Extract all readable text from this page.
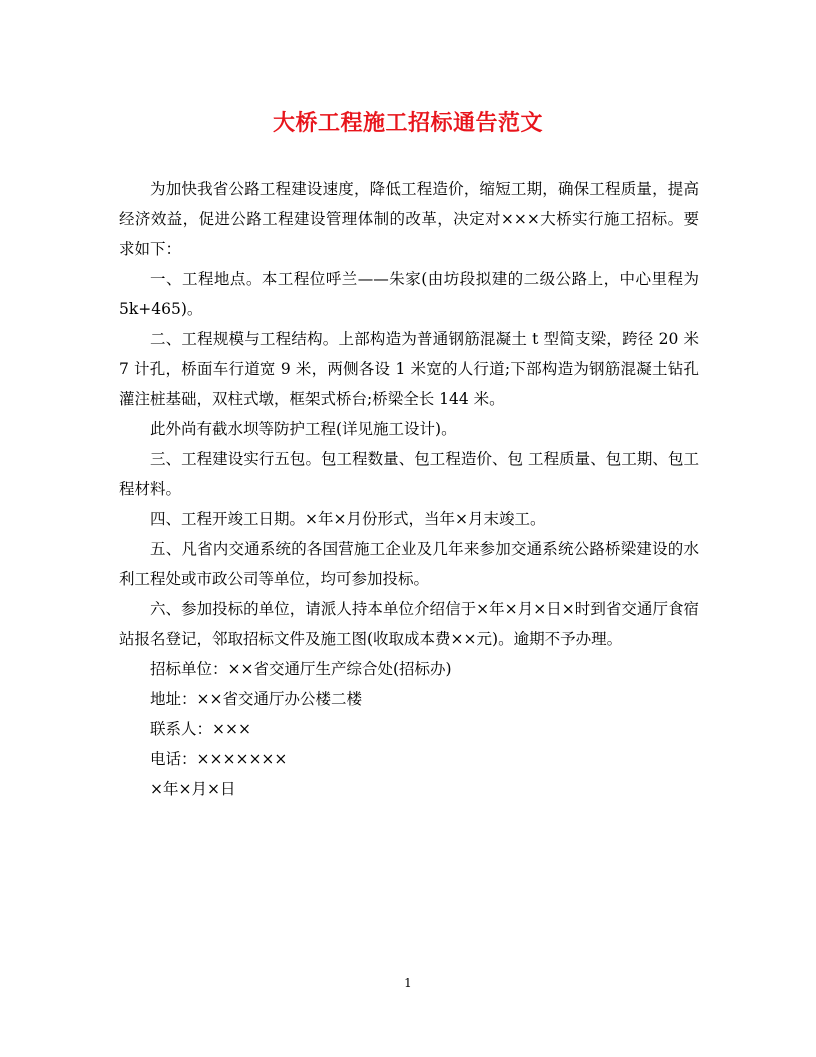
大桥工程施工招标通告范文

为加快我省公路工程建设速度，降低工程造价，缩短工期，确保工程质量，提高经济效益，促进公路工程建设管理体制的改革，决定对×××大桥实行施工招标。要求如下：

一、工程地点。本工程位呼兰——朱家(由坊段拟建的二级公路上，中心里程为 5k+465)。

二、工程规模与工程结构。上部构造为普通钢筋混凝土 t 型简支梁，跨径 20 米 7 计孔，桥面车行道宽 9 米，两侧各设 1 米宽的人行道;下部构造为钢筋混凝土钻孔灌注桩基础，双柱式墩，框架式桥台;桥梁全长 144 米。

此外尚有截水坝等防护工程(详见施工设计)。

三、工程建设实行五包。包工程数量、包工程造价、包 工程质量、包工期、包工程材料。

四、工程开竣工日期。×年×月份形式，当年×月末竣工。

五、凡省内交通系统的各国营施工企业及几年来参加交通系统公路桥梁建设的水利工程处或市政公司等单位，均可参加投标。

六、参加投标的单位，请派人持本单位介绍信于×年×月×日×时到省交通厅食宿站报名登记，邻取招标文件及施工图(收取成本费××元)。逾期不予办理。

招标单位：××省交通厅生产综合处(招标办)

地址：××省交通厅办公楼二楼

联系人：×××

电话：×××××××

×年×月×日

1
